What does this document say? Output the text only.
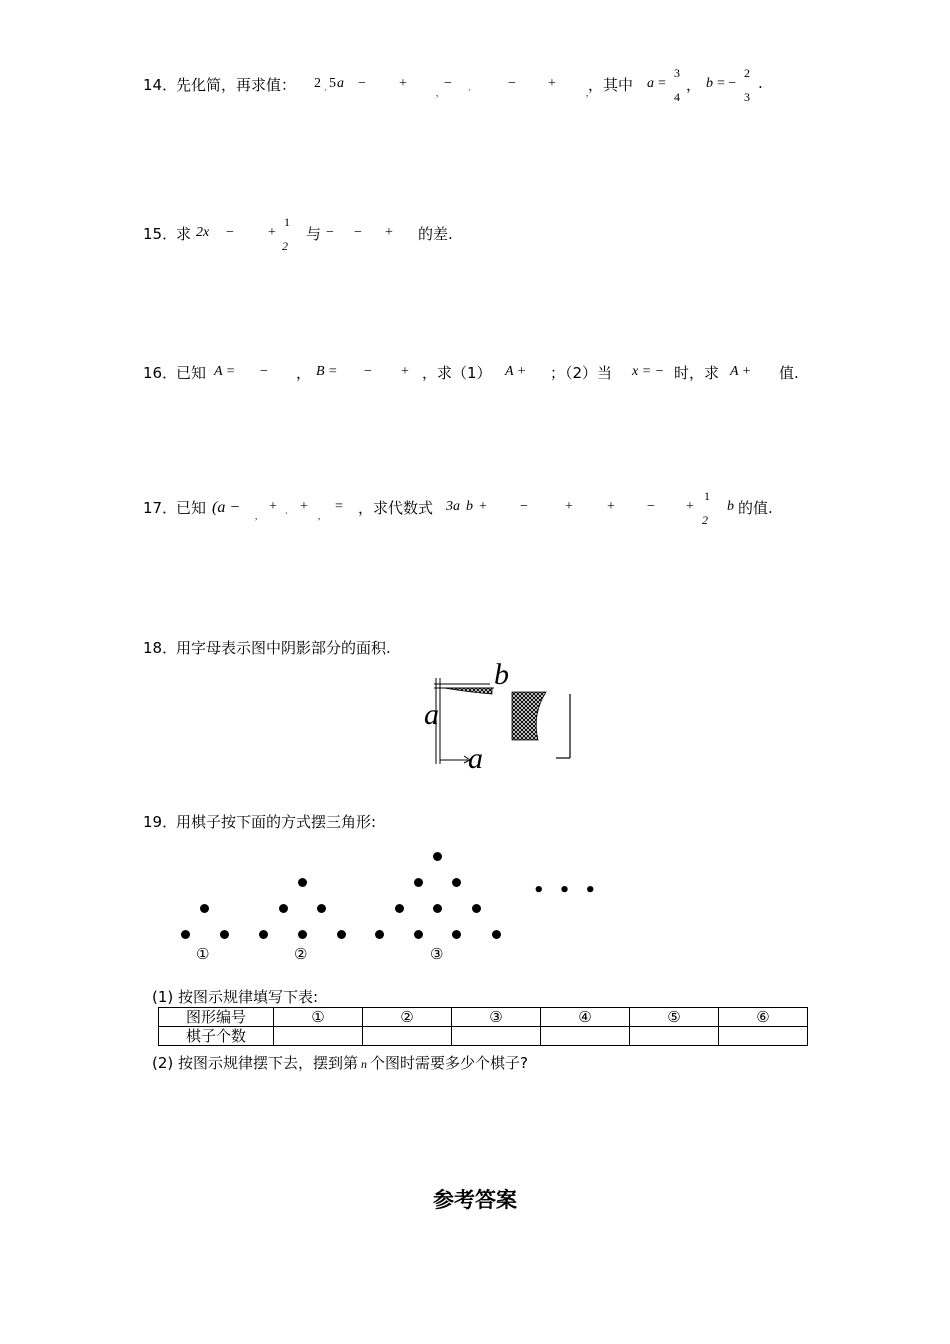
14．
先化简，再求值： 2
`
5 a − +
,
−
`
− +
, ，其中 a =
3
4
， b = −
2
3
.
15．
求 2x − +
1
2
与 − − + 的差.
16．
已知 A = − ， B = − + ，求（1） A + ；（2）当 x = − 时，求 A + 值.
17．
已知 (a − ,
+
`
+
,
= ，求代数式 3a b + −	+ + − +
1
2
b 的值.
18．
用字母表示图中阴影部分的面积.
b
a
a
19．
用棋子按下面的方式摆三角形:
• • •
①	②	③
(1) 按图示规律填写下表:
图形编号	①	②	③	④	⑤	⑥
棋子个数						
(2) 按图示规律摆下去，摆到第 n 个图时需要多少个棋子?
参考答案
